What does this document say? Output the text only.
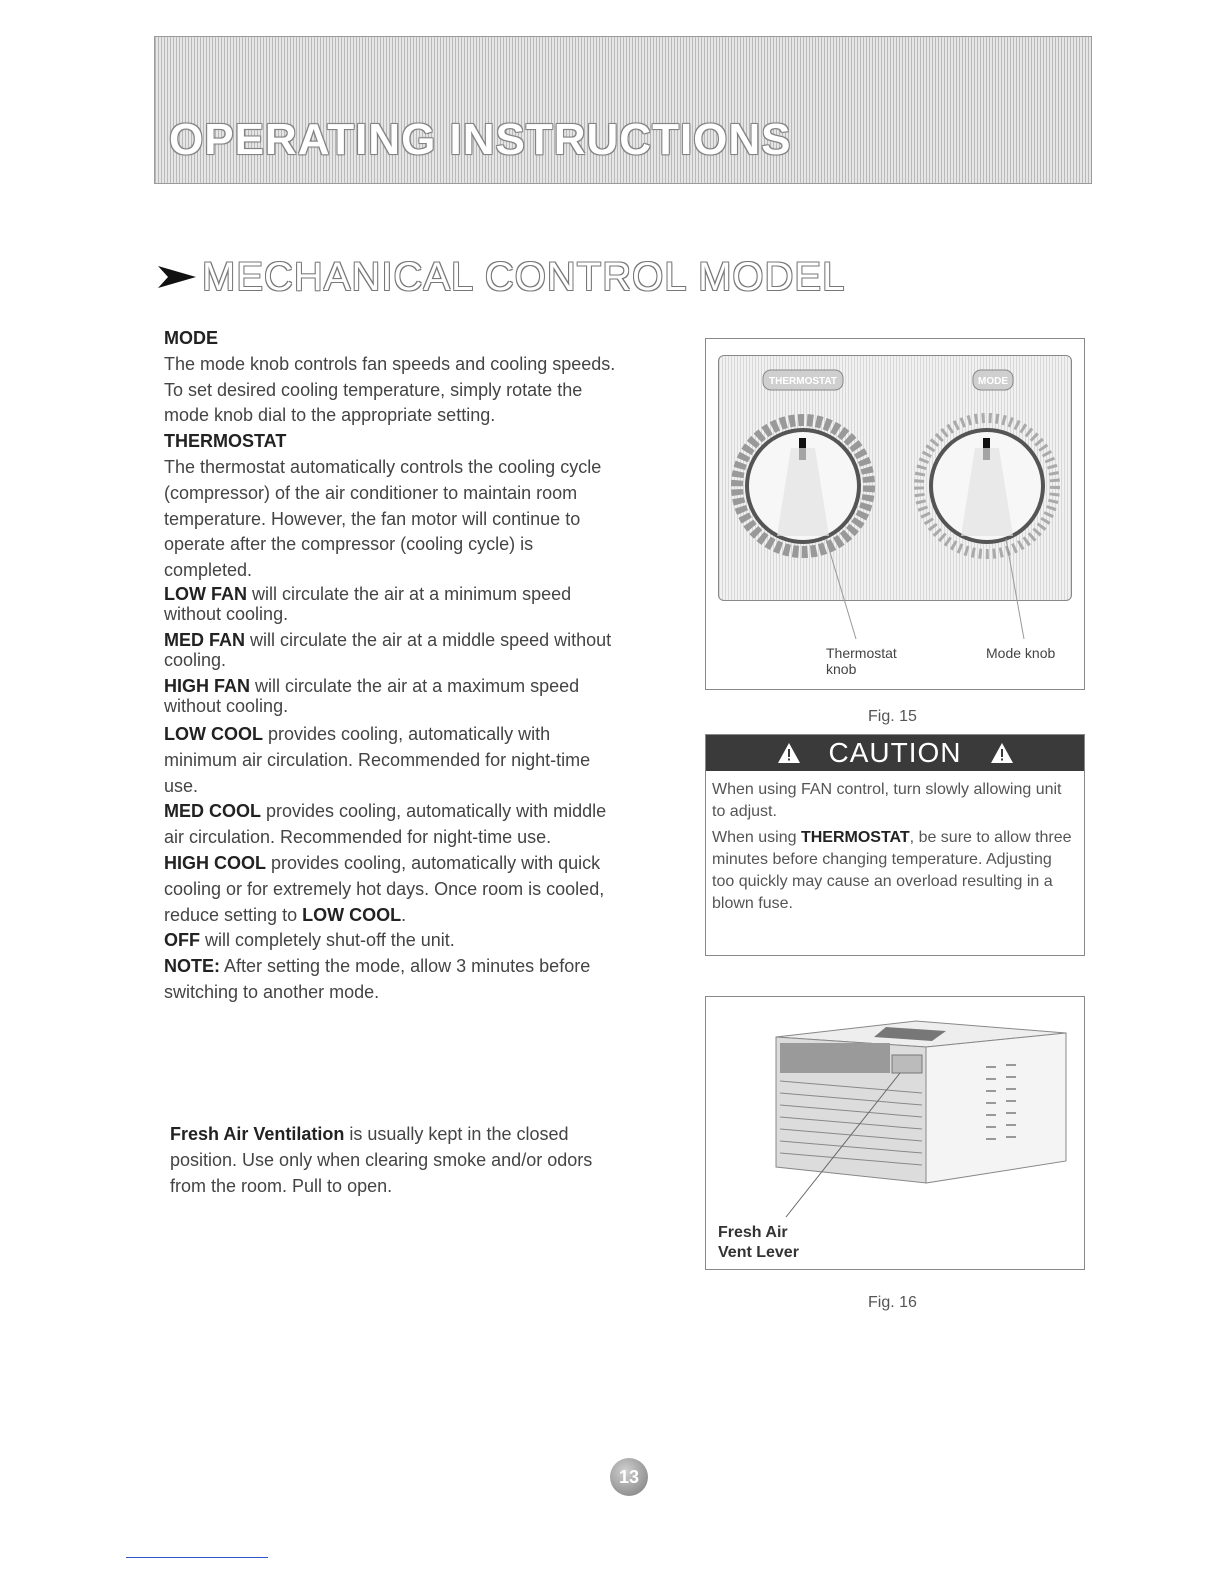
OPERATING INSTRUCTIONS
MECHANICAL CONTROL MODEL

MODE
The mode knob controls fan speeds and cooling speeds. To set desired cooling temperature, simply rotate the mode knob dial to the appropriate setting.

THERMOSTAT
The thermostat automatically controls the cooling cycle (compressor) of the air conditioner to maintain room temperature. However, the fan motor will continue to operate after the compressor (cooling cycle) is completed.

LOW FAN will circulate the air at a minimum speed without cooling.

MED FAN will circulate the air at a middle speed without cooling.

HIGH FAN will circulate the air at a maximum speed without cooling.

LOW COOL provides cooling, automatically with minimum air circulation. Recommended for night-time use.

MED COOL provides cooling, automatically with middle air circulation. Recommended for night-time use.

HIGH COOL provides cooling, automatically with quick cooling or for extremely hot days. Once room is cooled, reduce setting to LOW COOL.

OFF will completely shut-off the unit.

NOTE: After setting the mode, allow 3 minutes before switching to another mode.

Fresh Air Ventilation is usually kept in the closed position. Use only when clearing smoke and/or odors from the room. Pull to open.
THERMOSTAT	MODE
Thermostat
knob
Mode knob
Fig. 15
CAUTION

When using FAN control, turn slowly allowing unit to adjust.

When using THERMOSTAT, be sure to allow three minutes before changing temperature. Adjusting too quickly may cause an overload resulting in a blown fuse.

Fresh Air
Vent Lever
Fig. 16
13
